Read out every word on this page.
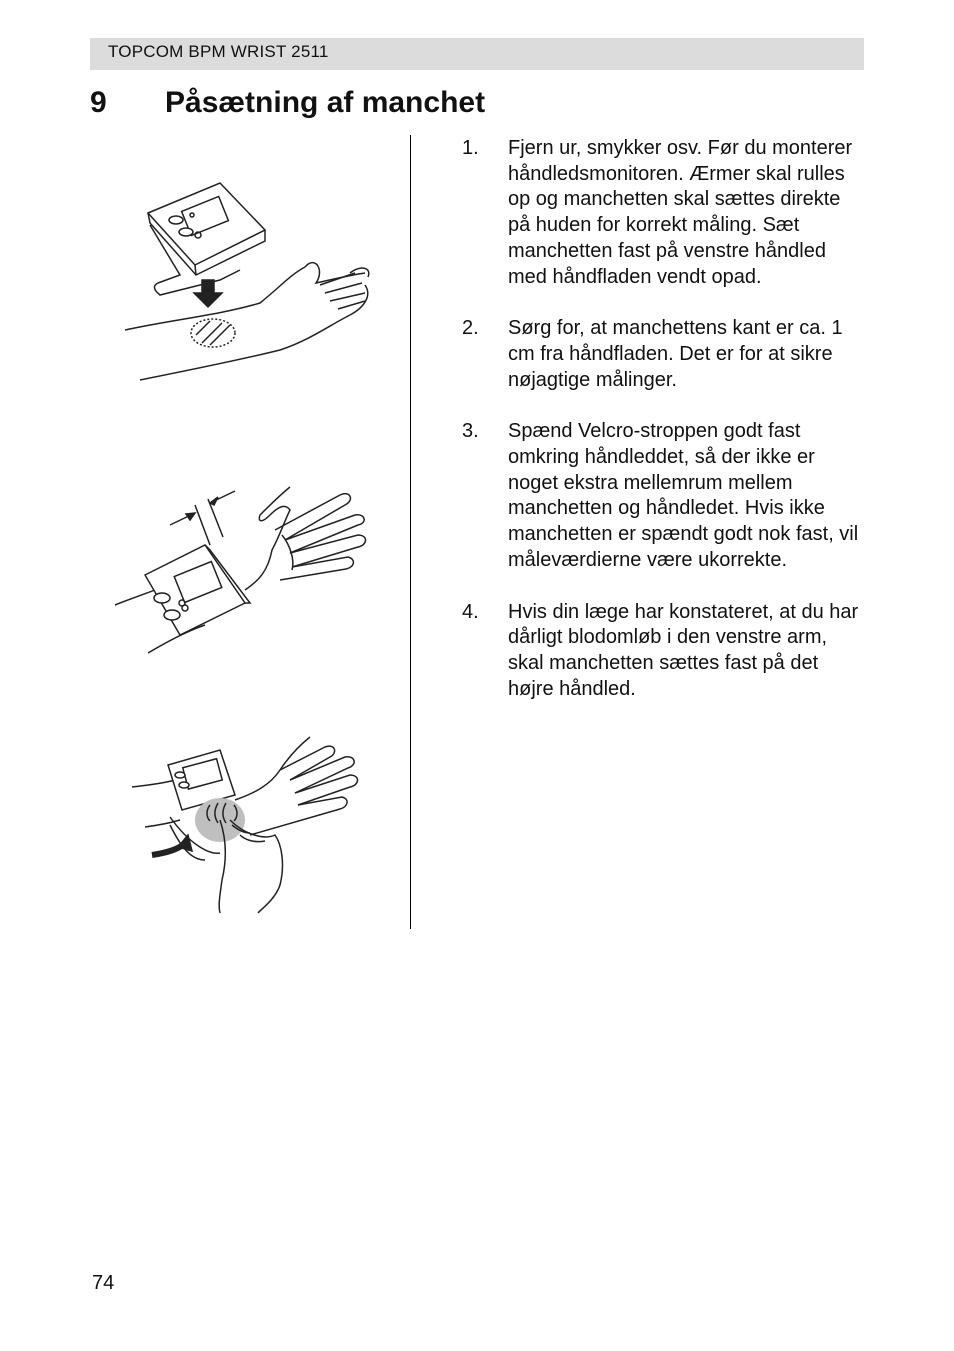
TOPCOM BPM WRIST 2511
9 Påsætning af manchet
1.	Fjern ur, smykker osv. Før du monterer håndledsmonitoren. Ærmer skal rulles op og manchetten skal sættes direkte på huden for korrekt måling. Sæt manchetten fast på venstre håndled med håndfladen vendt opad.
2.	Sørg for, at manchettens kant er ca. 1 cm fra håndfladen. Det er for at sikre nøjagtige målinger.
3.	Spænd Velcro-stroppen godt fast omkring håndleddet, så der ikke er noget ekstra mellemrum mellem manchetten og håndledet. Hvis ikke manchetten er spændt godt nok fast, vil måleværdierne være ukorrekte.
4.	Hvis din læge har konstateret, at du har dårligt blodomløb i den venstre arm, skal manchetten sættes fast på det højre håndled.
74
